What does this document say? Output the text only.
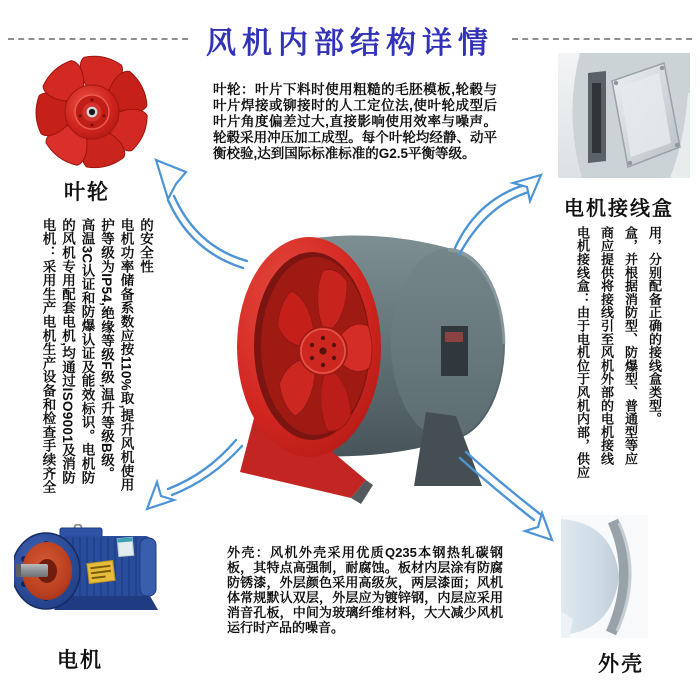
风机内部结构详情
叶轮
叶轮：叶片下料时使用粗糙的毛胚模板,轮毂与叶片焊接或铆接时的人工定位法,使叶轮成型后叶片角度偏差过大,直接影响使用效率与噪声。轮毂采用冲压加工成型。每个叶轮均经静、动平衡校验,达到国际标准标准的G2.5平衡等级。
电机接线盒
电机：采用生产电机生产设备和检查手续齐全的风机专用配套电机,均通过ISO9001及消防高温3C认证和防爆认证及能效标识。电机防护等级为IP54,绝缘等级F级,温升等级B级。电机功率储备系数应按110%取,提升风机使用的安全性	电机接线盒：由于电机位于风机内部，供应商应提供将接线引至风机外部的电机接线盒，并根据消防型、防爆型、普通型等应用，分别配备正确的接线盒类型。
电机
外壳：风机外壳采用优质Q235本钢热轧碳钢板，其特点高强制，耐腐蚀。板材内层涂有防腐防锈漆，外层颜色采用高级灰，两层漆面；风机体常规默认双层，外层应为镀锌钢，内层应采用消音孔板，中间为玻璃纤维材料，大大减少风机运行时产品的噪音。
外壳
